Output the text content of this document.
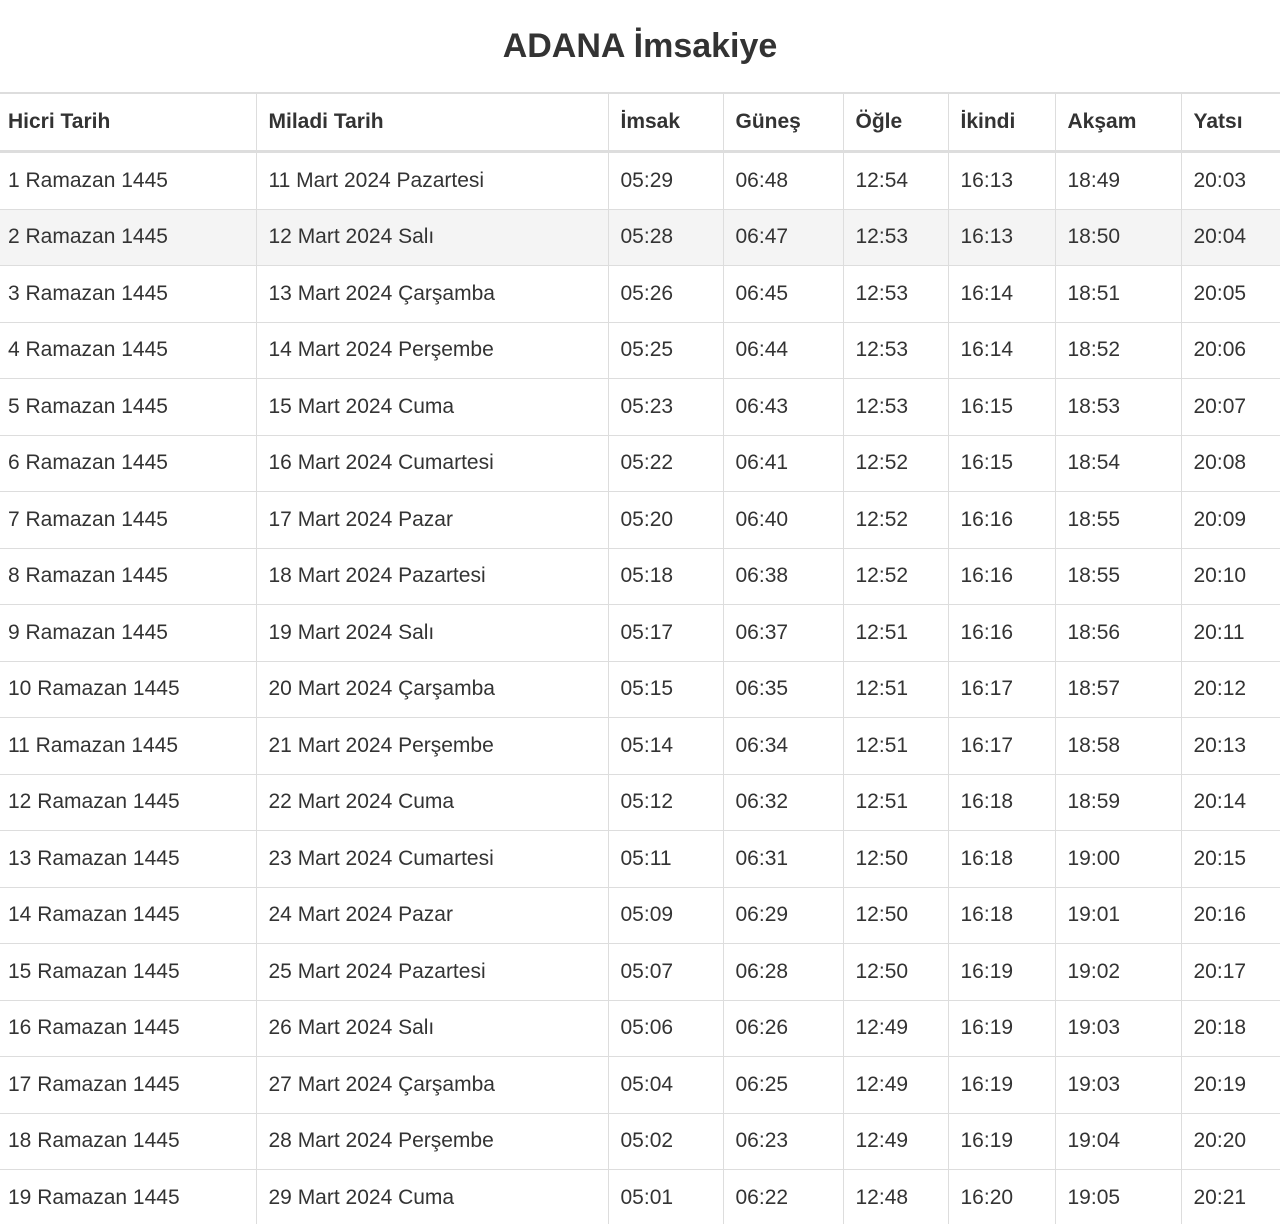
ADANA İmsakiye
Hicri Tarih	Miladi Tarih	İmsak	Güneş	Öğle	İkindi	Akşam	Yatsı
1 Ramazan 1445	11 Mart 2024 Pazartesi	05:29	06:48	12:54	16:13	18:49	20:03
2 Ramazan 1445	12 Mart 2024 Salı	05:28	06:47	12:53	16:13	18:50	20:04
3 Ramazan 1445	13 Mart 2024 Çarşamba	05:26	06:45	12:53	16:14	18:51	20:05
4 Ramazan 1445	14 Mart 2024 Perşembe	05:25	06:44	12:53	16:14	18:52	20:06
5 Ramazan 1445	15 Mart 2024 Cuma	05:23	06:43	12:53	16:15	18:53	20:07
6 Ramazan 1445	16 Mart 2024 Cumartesi	05:22	06:41	12:52	16:15	18:54	20:08
7 Ramazan 1445	17 Mart 2024 Pazar	05:20	06:40	12:52	16:16	18:55	20:09
8 Ramazan 1445	18 Mart 2024 Pazartesi	05:18	06:38	12:52	16:16	18:55	20:10
9 Ramazan 1445	19 Mart 2024 Salı	05:17	06:37	12:51	16:16	18:56	20:11
10 Ramazan 1445	20 Mart 2024 Çarşamba	05:15	06:35	12:51	16:17	18:57	20:12
11 Ramazan 1445	21 Mart 2024 Perşembe	05:14	06:34	12:51	16:17	18:58	20:13
12 Ramazan 1445	22 Mart 2024 Cuma	05:12	06:32	12:51	16:18	18:59	20:14
13 Ramazan 1445	23 Mart 2024 Cumartesi	05:11	06:31	12:50	16:18	19:00	20:15
14 Ramazan 1445	24 Mart 2024 Pazar	05:09	06:29	12:50	16:18	19:01	20:16
15 Ramazan 1445	25 Mart 2024 Pazartesi	05:07	06:28	12:50	16:19	19:02	20:17
16 Ramazan 1445	26 Mart 2024 Salı	05:06	06:26	12:49	16:19	19:03	20:18
17 Ramazan 1445	27 Mart 2024 Çarşamba	05:04	06:25	12:49	16:19	19:03	20:19
18 Ramazan 1445	28 Mart 2024 Perşembe	05:02	06:23	12:49	16:19	19:04	20:20
19 Ramazan 1445	29 Mart 2024 Cuma	05:01	06:22	12:48	16:20	19:05	20:21
